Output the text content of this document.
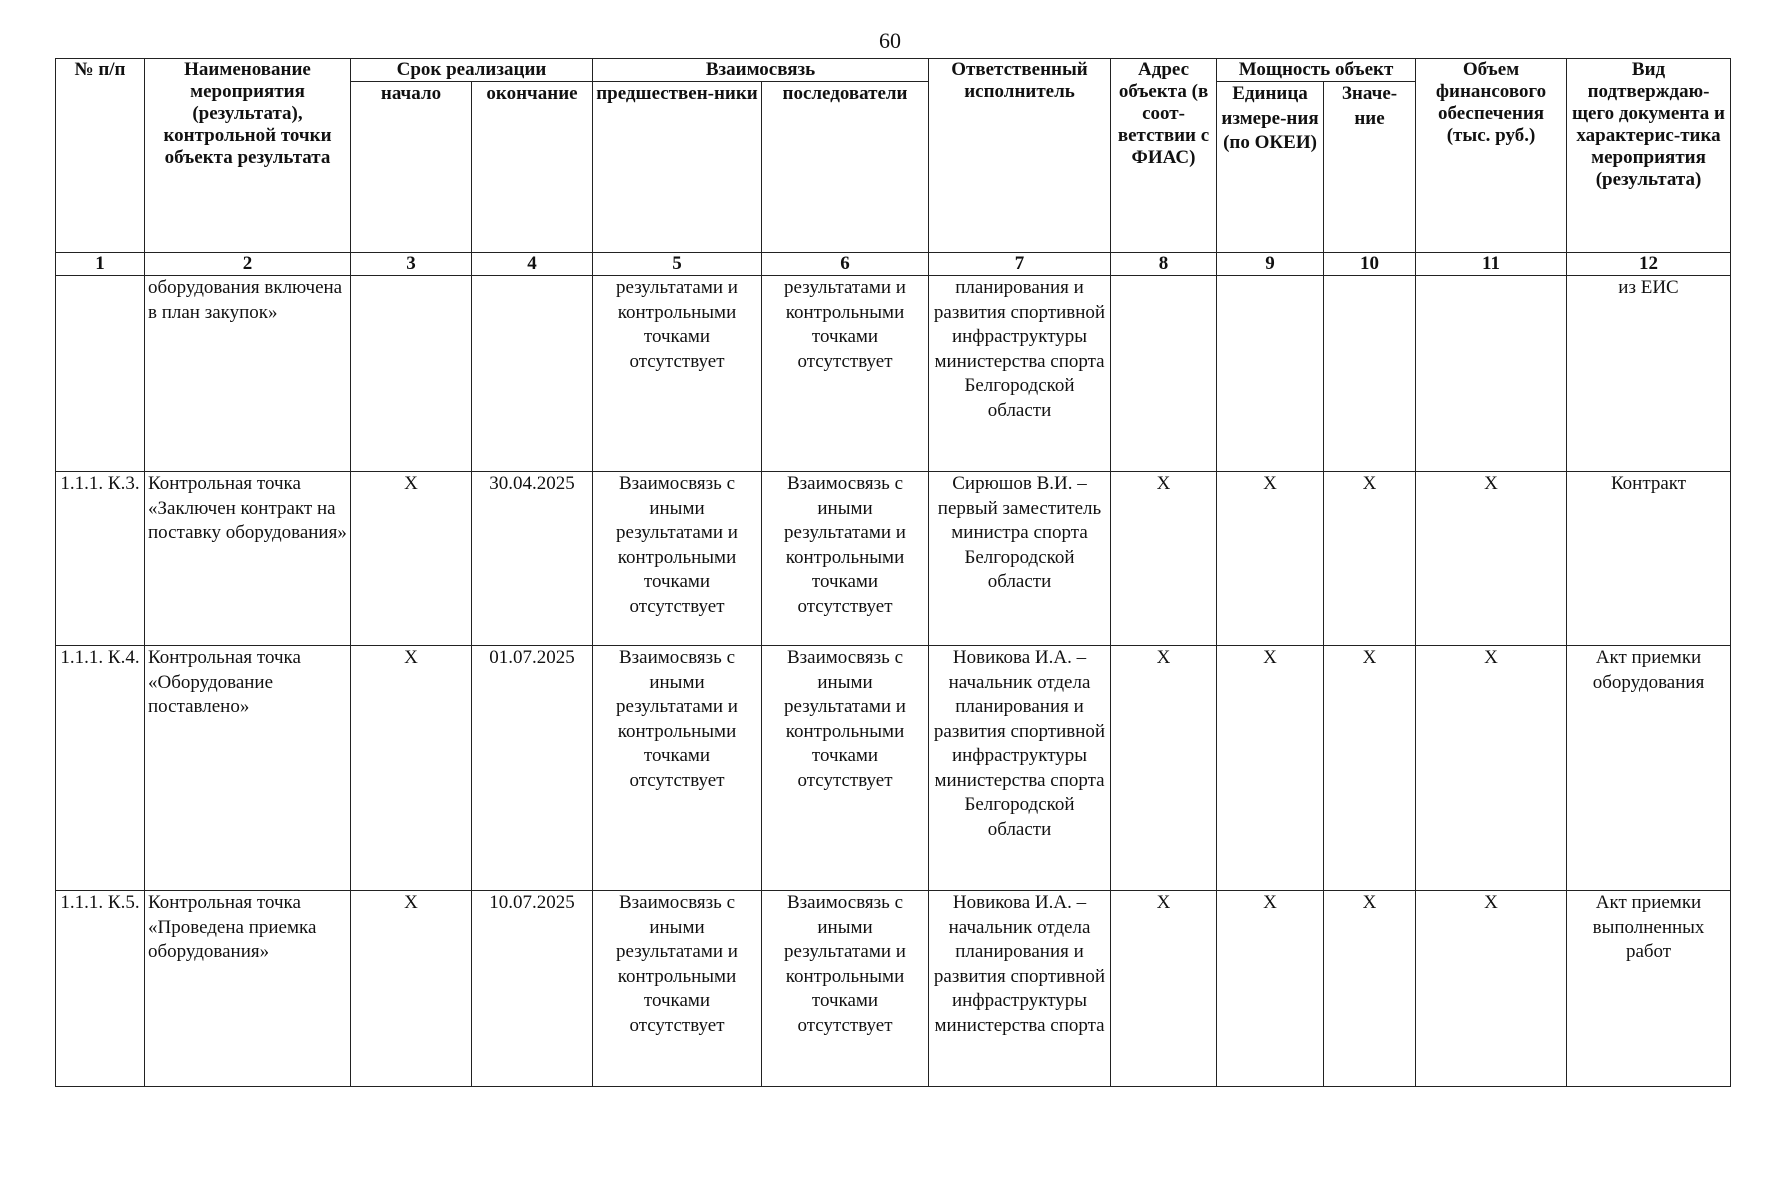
60
№ п/п	Наименование мероприятия (результата), контрольной точки объекта результата	Срок реализации		Взаимосвязь		Ответственный исполнитель	Адрес объекта (в соот-ветствии с ФИАС)	Мощность объект		Объем финансового обеспечения (тыс. руб.)	Вид подтверждаю-щего документа и характерис-тика мероприятия (результата)
		начало	окончание	предшествен-ники	последователи			Единица измере-ния (по ОКЕИ)	Значе-ние		
1	2	3	4	5	6	7	8	9	10	11	12
	оборудования включена в план закупок»			результатами и контрольными точками отсутствует	результатами и контрольными точками отсутствует	планирования и развития спортивной инфраструктуры министерства спорта Белгородской области					из ЕИС
1.1.1. К.3.	Контрольная точка «Заключен контракт на поставку оборудования»	X	30.04.2025	Взаимосвязь с иными результатами и контрольными точками отсутствует	Взаимосвязь с иными результатами и контрольными точками отсутствует	Сирюшов В.И. – первый заместитель министра спорта Белгородской области	X	X	X	X	Контракт
1.1.1. К.4.	Контрольная точка «Оборудование поставлено»	X	01.07.2025	Взаимосвязь с иными результатами и контрольными точками отсутствует	Взаимосвязь с иными результатами и контрольными точками отсутствует	Новикова И.А. – начальник отдела планирования и развития спортивной инфраструктуры министерства спорта Белгородской области	X	X	X	X	Акт приемки оборудования
1.1.1. К.5.	Контрольная точка «Проведена приемка оборудования»	X	10.07.2025	Взаимосвязь с иными результатами и контрольными точками отсутствует	Взаимосвязь с иными результатами и контрольными точками отсутствует	Новикова И.А. – начальник отдела планирования и развития спортивной инфраструктуры министерства спорта	X	X	X	X	Акт приемки выполненных работ
